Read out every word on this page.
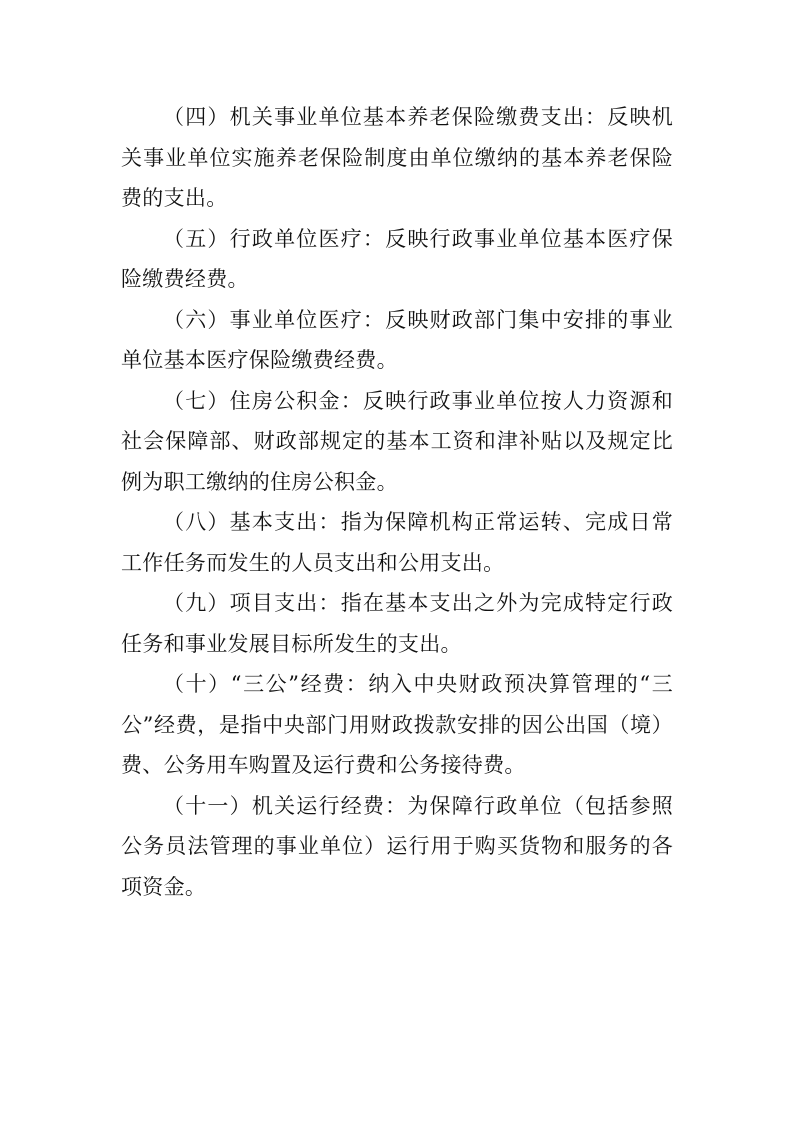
（四）机关事业单位基本养老保险缴费支出：反映机关事业单位实施养老保险制度由单位缴纳的基本养老保险费的支出。

（五）行政单位医疗：反映行政事业单位基本医疗保险缴费经费。

（六）事业单位医疗：反映财政部门集中安排的事业单位基本医疗保险缴费经费。

（七）住房公积金：反映行政事业单位按人力资源和社会保障部、财政部规定的基本工资和津补贴以及规定比例为职工缴纳的住房公积金。

（八）基本支出：指为保障机构正常运转、完成日常工作任务而发生的人员支出和公用支出。

（九）项目支出：指在基本支出之外为完成特定行政任务和事业发展目标所发生的支出。

（十）“三公”经费：纳入中央财政预决算管理的“三公”经费，是指中央部门用财政拨款安排的因公出国（境）费、公务用车购置及运行费和公务接待费。

（十一）机关运行经费：为保障行政单位（包括参照公务员法管理的事业单位）运行用于购买货物和服务的各项资金。
